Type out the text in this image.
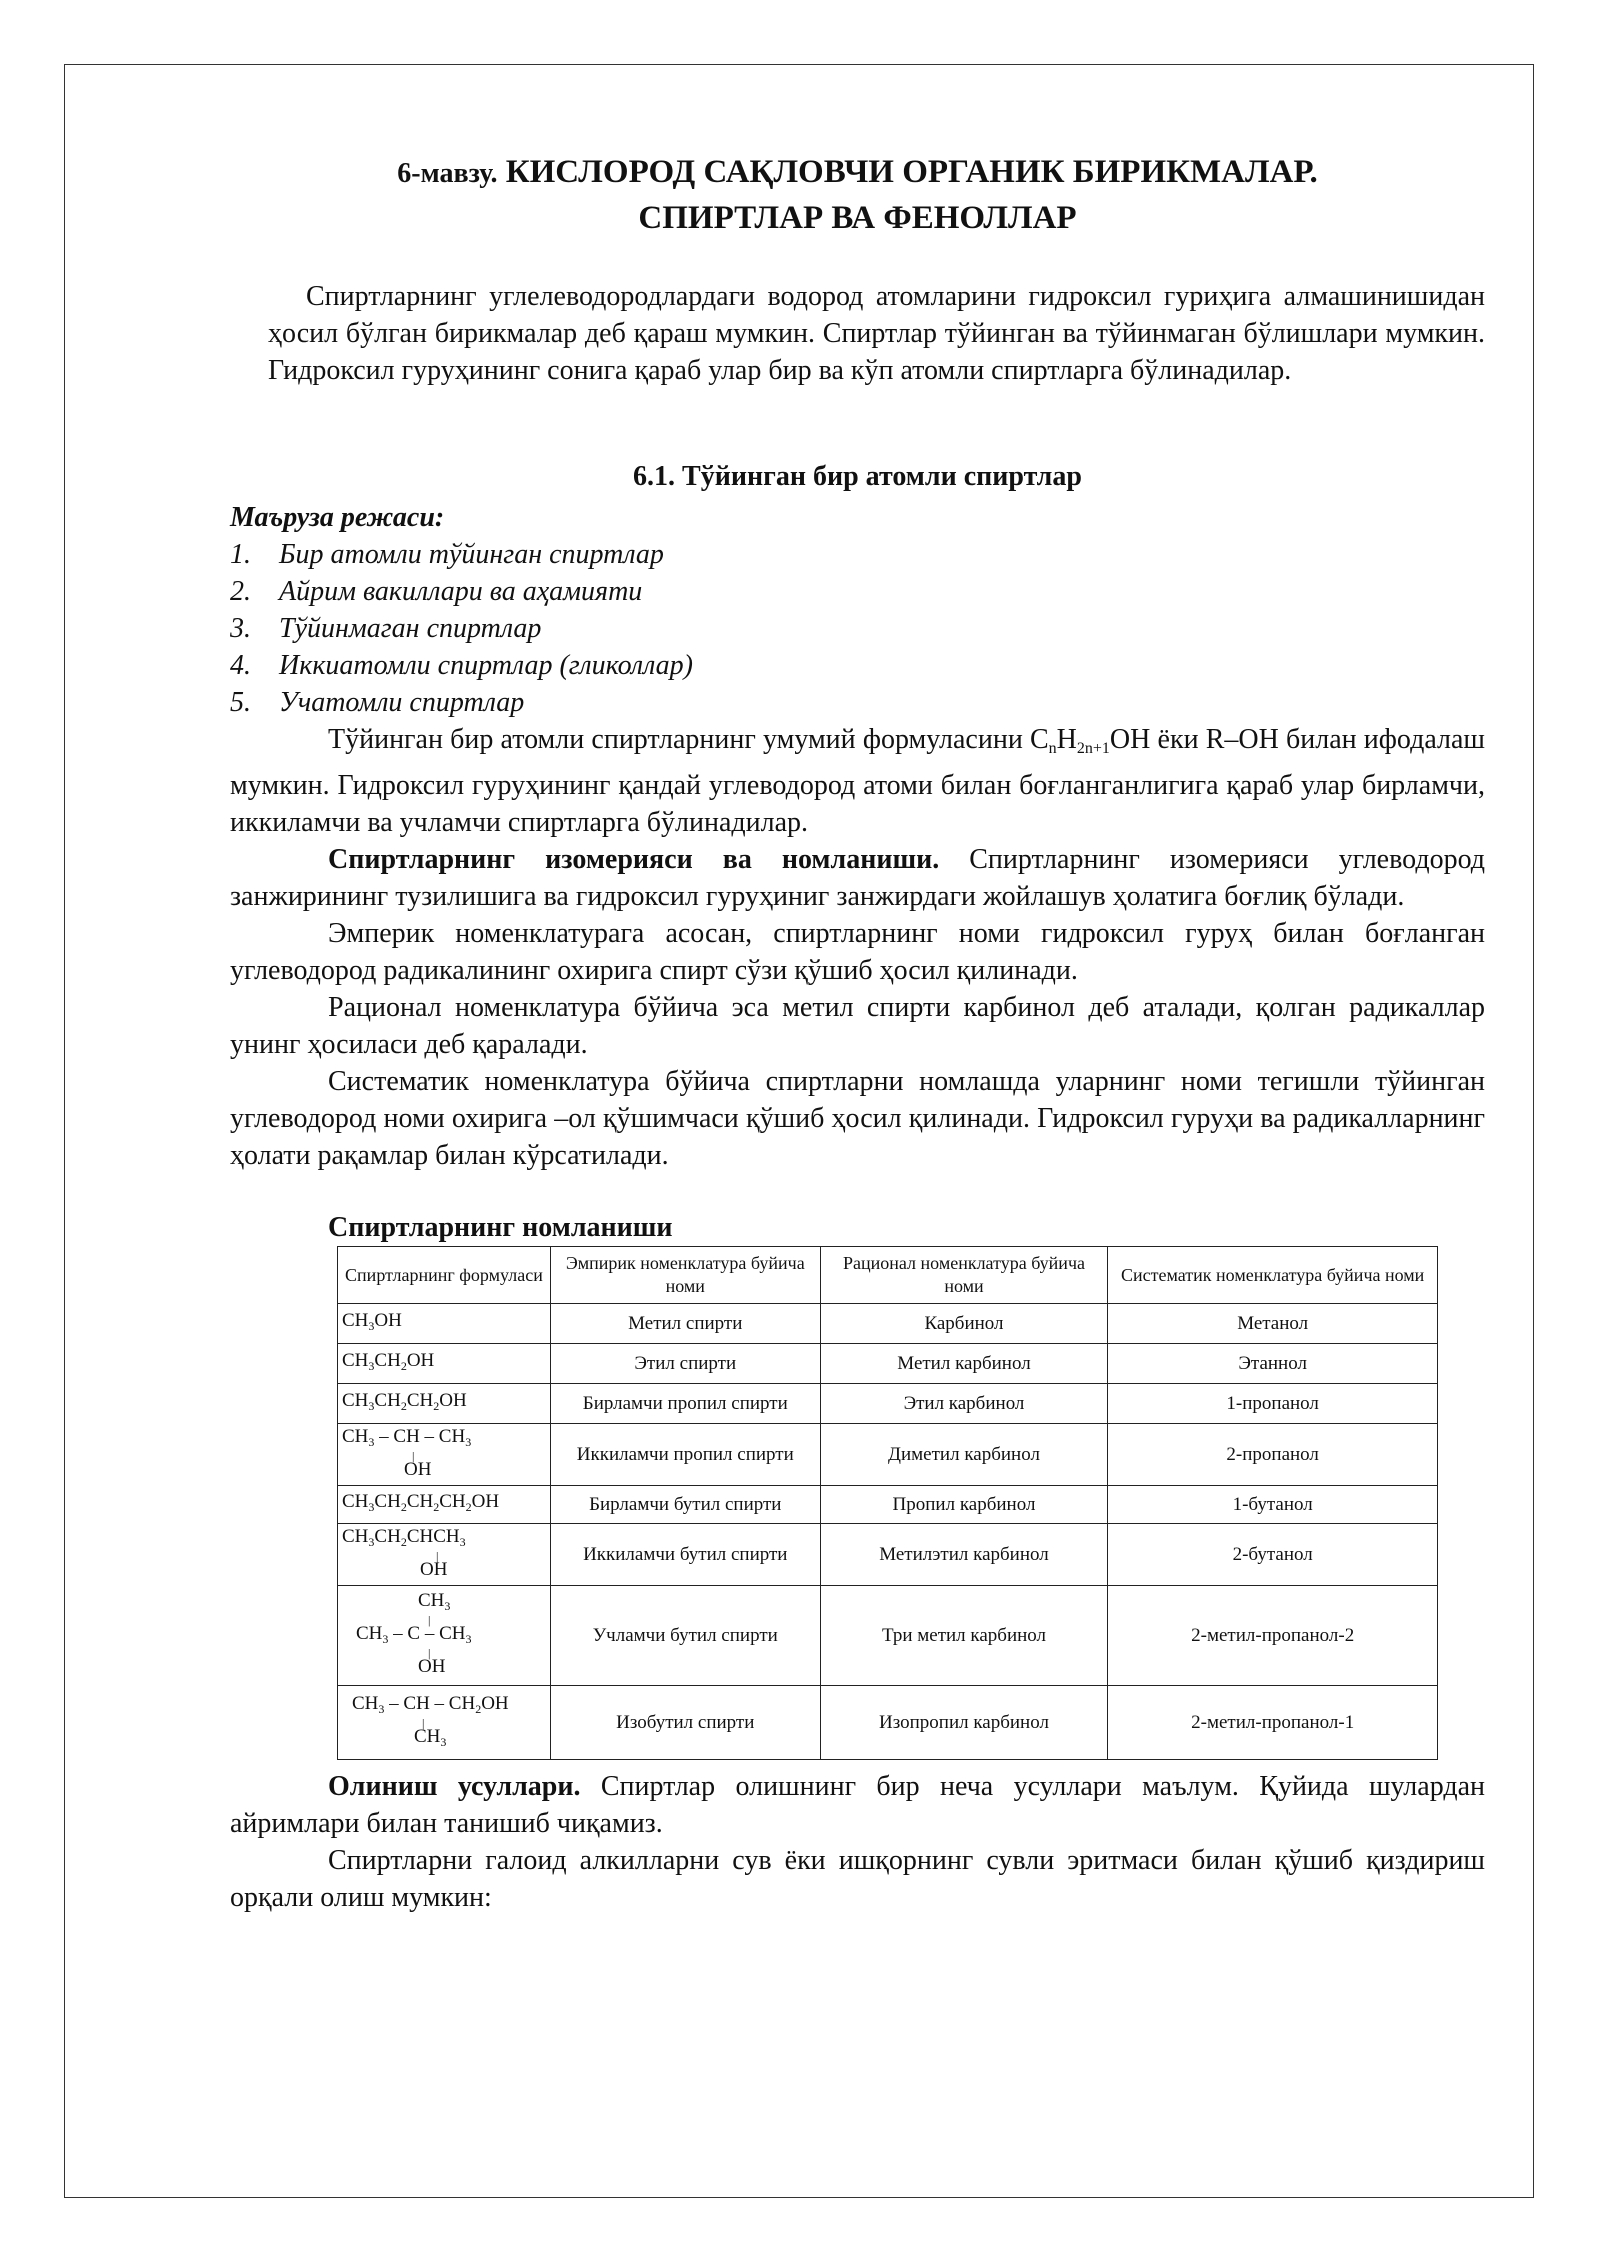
6-мавзу. КИСЛОРОД САҚЛОВЧИ ОРГАНИК БИРИКМАЛАР.
СПИРТЛАР ВА ФЕНОЛЛАР

Спиртларнинг углелеводородлардаги водород атомларини гидроксил гуриҳига алмашинишидан ҳосил бўлган бирикмалар деб қараш мумкин. Спиртлар тўйинган ва тўйинмаган бўлишлари мумкин. Гидроксил гуруҳининг сонига қараб улар бир ва кўп атомли спиртларга бўлинадилар.

6.1. Тўйинган бир атомли спиртлар
Маъруза режаси:
1.	Бир атомли тўйинган спиртлар
2.	Айрим вакиллари ва аҳамияти
3.	Тўйинмаган спиртлар
4.	Иккиатомли спиртлар (гликоллар)
5.	Учатомли спиртлар

Тўйинган бир атомли спиртларнинг умумий формуласини $C_nH_{2n+1}OH$ ёки R–OH билан ифодалаш мумкин. Гидроксил гуруҳининг қандай углеводород атоми билан боғланганлигига қараб улар бирламчи, иккиламчи ва учламчи спиртларга бўлинадилар.

Спиртларнинг изомерияси ва номланиши. Спиртларнинг изомерияси углеводород занжирининг тузилишига ва гидроксил гуруҳиниг занжирдаги жойлашув ҳолатига боғлиқ бўлади.

Эмперик номенклатурага асосан, спиртларнинг номи гидроксил гуруҳ билан боғланган углеводород радикалининг охирига спирт сўзи қўшиб ҳосил қилинади.

Рационал номенклатура бўйича эса метил спирти карбинол деб аталади, қолган радикаллар унинг ҳосиласи деб қаралади.

Систематик номенклатура бўйича спиртларни номлашда уларнинг номи тегишли тўйинган углеводород номи охирига –ол қўшимчаси қўшиб ҳосил қилинади. Гидроксил гуруҳи ва радикалларнинг ҳолати рақамлар билан кўрсатилади.

Спиртларнинг номланиши
Спиртларнинг формуласи	Эмпирик номенклатура буйича номи	Рационал номенклатура буйича номи	Систематик номенклатура буйича номи
$CH_3OH$	Метил спирти	Карбинол	Метанол
$CH_3CH_2OH$	Этил спирти	Метил карбинол	Этаннол
$CH_3CH_2CH_2OH$	Бирламчи пропил спирти	Этил карбинол	1-пропанол
$CH_3$ – CH – $CH_3$
|
OH	Иккиламчи пропил спирти	Диметил карбинол	2-пропанол
$CH_3CH_2CH_2CH_2OH$	Бирламчи бутил спирти	Пропил карбинол	1-бутанол
$CH_3CH_2CHCH_3$
|
OH	Иккиламчи бутил спирти	Метилэтил карбинол	2-бутанол

$CH_3$
|
$CH_3$ – C – $CH_3$
|
OH	Учламчи бутил спирти	Три метил карбинол	2-метил-пропанол-2
$CH_3$ – CH – $CH_2OH$
|
$CH_3$	Изобутил спирти	Изопропил карбинол	2-метил-пропанол-1

Олиниш усуллари. Спиртлар олишнинг бир неча усуллари маълум. Қуйида шулардан айримлари билан танишиб чиқамиз.

Спиртларни галоид алкилларни сув ёки ишқорнинг сувли эритмаси билан қўшиб қиздириш орқали олиш мумкин:
